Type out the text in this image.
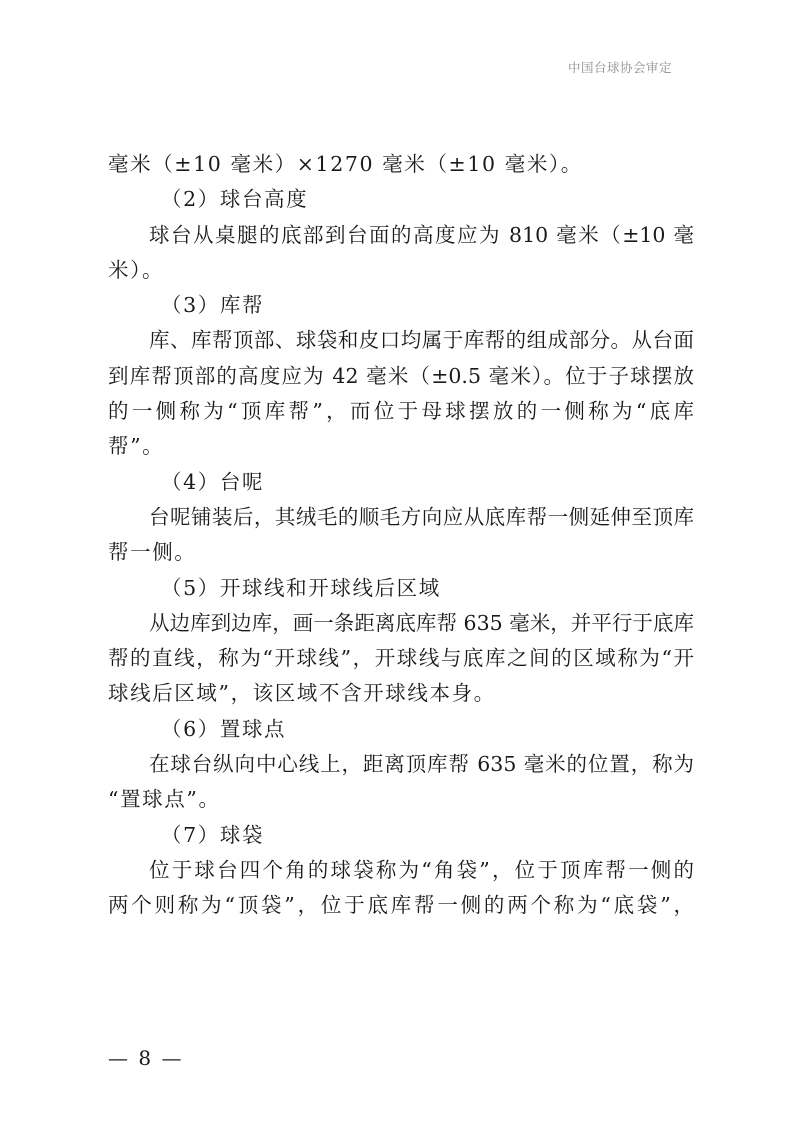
中国台球协会审定
毫米（±10 毫米）×1270 毫米（±10 毫米）。
（2）球台高度
球台从桌腿的底部到台面的高度应为 810 毫米（±10 毫
米）。
（3）库帮
库、库帮顶部、球袋和皮口均属于库帮的组成部分。从台面
到库帮顶部的高度应为 42 毫米（±0.5 毫米）。位于子球摆放
的一侧称为“顶库帮”，而位于母球摆放的一侧称为“底库
帮”。
（4）台呢
台呢铺装后，其绒毛的顺毛方向应从底库帮一侧延伸至顶库
帮一侧。
（5）开球线和开球线后区域
从边库到边库，画一条距离底库帮 635 毫米，并平行于底库
帮的直线，称为“开球线”，开球线与底库之间的区域称为“开
球线后区域”，该区域不含开球线本身。
（6）置球点
在球台纵向中心线上，距离顶库帮 635 毫米的位置，称为
“置球点”。
（7）球袋
位于球台四个角的球袋称为“角袋”，位于顶库帮一侧的
两个则称为“顶袋”，位于底库帮一侧的两个称为“底袋”，
— 8 —
